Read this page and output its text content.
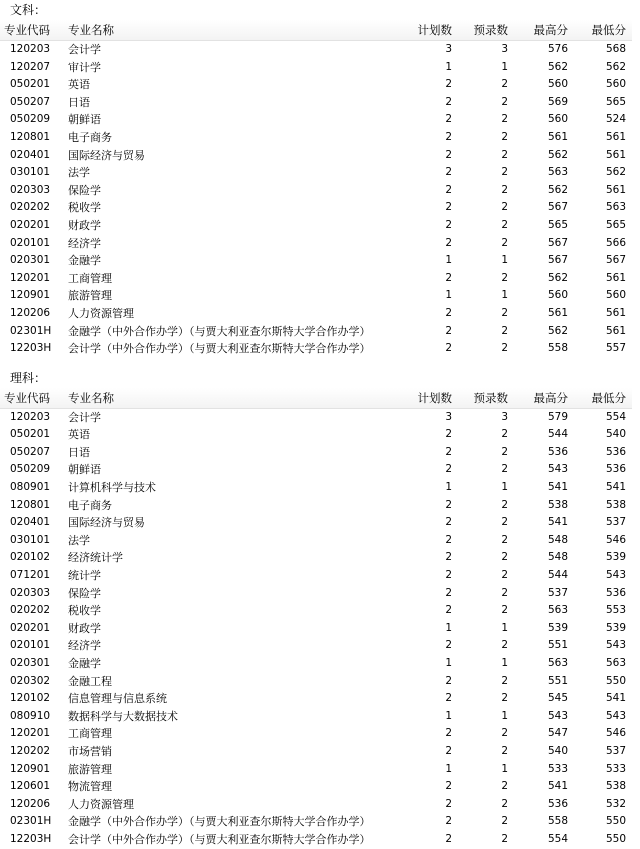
文科：
专业代码	专业名称	计划数	预录数	最高分	最低分
120203	会计学	3	3	576	568
120207	审计学	1	1	562	562
050201	英语	2	2	560	560
050207	日语	2	2	569	565
050209	朝鲜语	2	2	560	524
120801	电子商务	2	2	561	561
020401	国际经济与贸易	2	2	562	561
030101	法学	2	2	563	562
020303	保险学	2	2	562	561
020202	税收学	2	2	567	563
020201	财政学	2	2	565	565
020101	经济学	2	2	567	566
020301	金融学	1	1	567	567
120201	工商管理	2	2	562	561
120901	旅游管理	1	1	560	560
120206	人力资源管理	2	2	561	561
02301H	金融学（中外合作办学）（与贾大利亚查尔斯特大学合作办学）	2	2	562	561
12203H	会计学（中外合作办学）（与贾大利亚查尔斯特大学合作办学）	2	2	558	557
理科：
专业代码	专业名称	计划数	预录数	最高分	最低分
120203	会计学	3	3	579	554
050201	英语	2	2	544	540
050207	日语	2	2	536	536
050209	朝鲜语	2	2	543	536
080901	计算机科学与技术	1	1	541	541
120801	电子商务	2	2	538	538
020401	国际经济与贸易	2	2	541	537
030101	法学	2	2	548	546
020102	经济统计学	2	2	548	539
071201	统计学	2	2	544	543
020303	保险学	2	2	537	536
020202	税收学	2	2	563	553
020201	财政学	1	1	539	539
020101	经济学	2	2	551	543
020301	金融学	1	1	563	563
020302	金融工程	2	2	551	550
120102	信息管理与信息系统	2	2	545	541
080910	数据科学与大数据技术	1	1	543	543
120201	工商管理	2	2	547	546
120202	市场营销	2	2	540	537
120901	旅游管理	1	1	533	533
120601	物流管理	2	2	541	538
120206	人力资源管理	2	2	536	532
02301H	金融学（中外合作办学）（与贾大利亚查尔斯特大学合作办学）	2	2	558	550
12203H	会计学（中外合作办学）（与贾大利亚查尔斯特大学合作办学）	2	2	554	550
